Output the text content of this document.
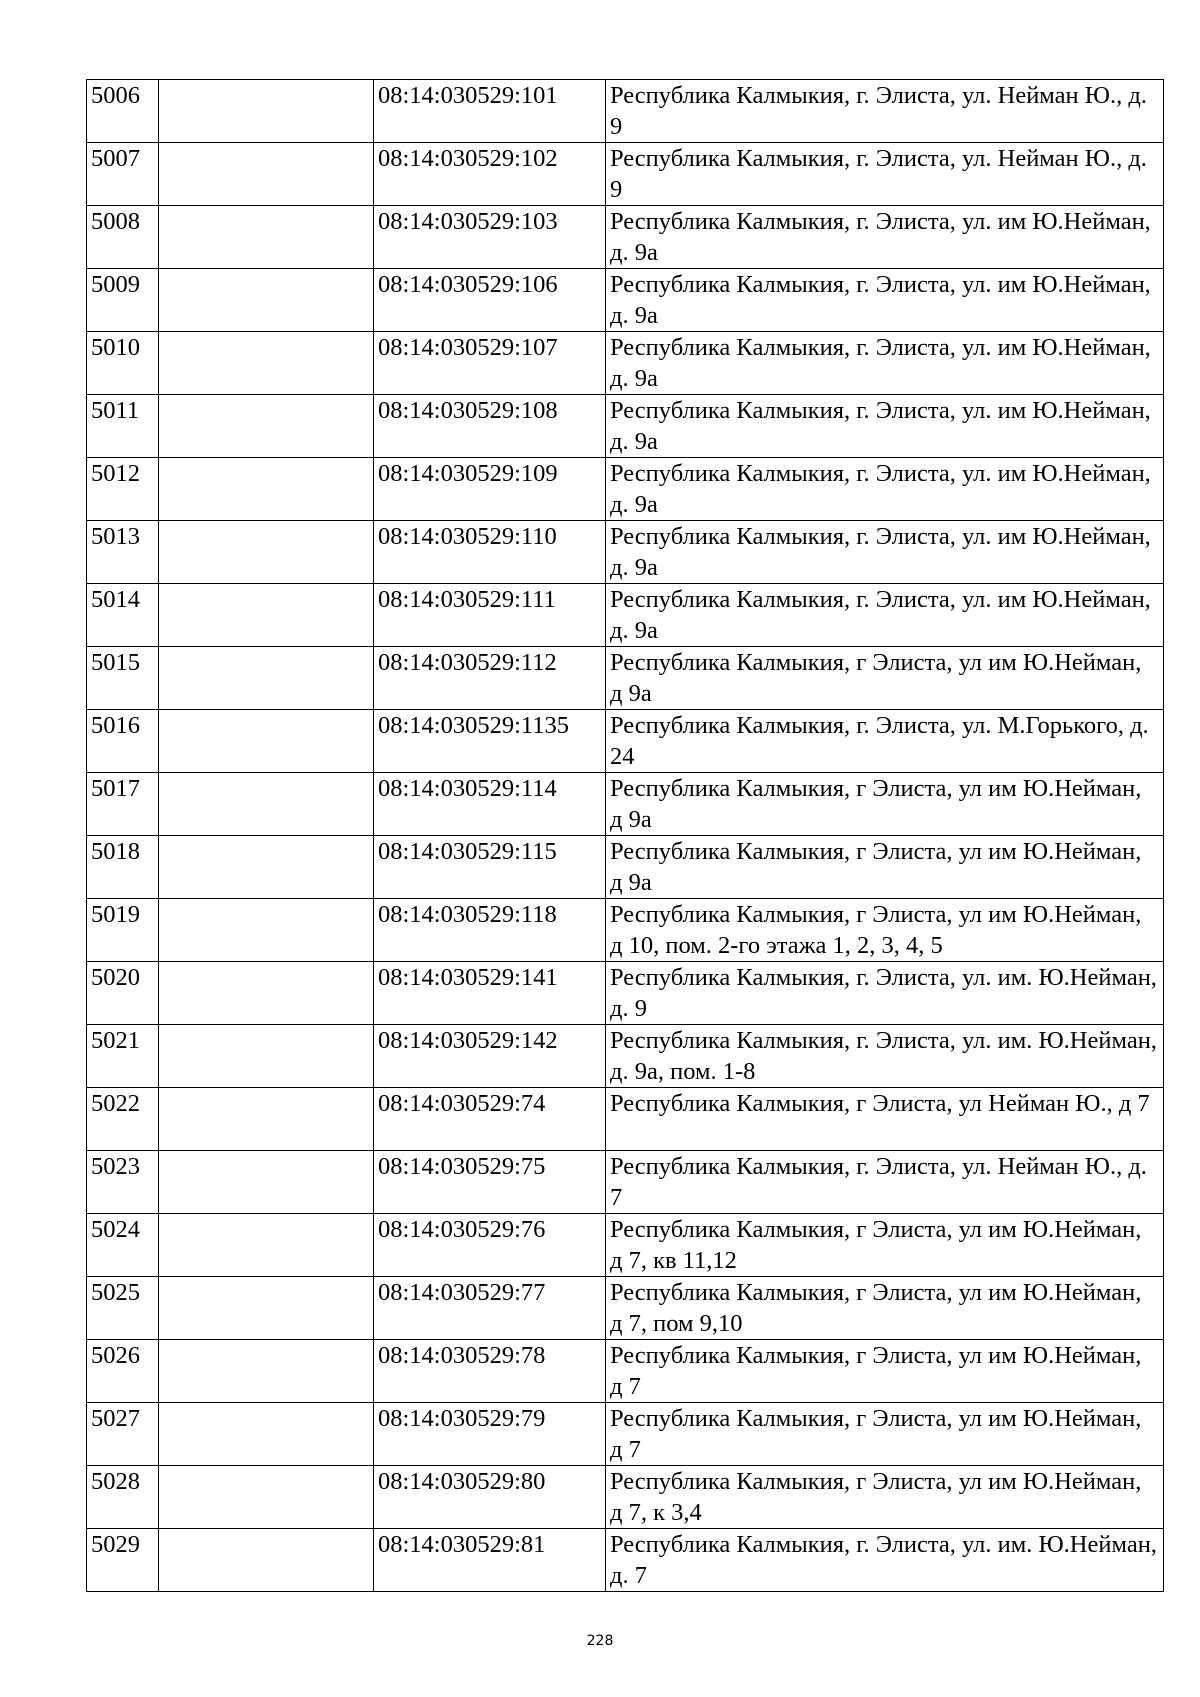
5006		08:14:030529:101	Республика Калмыкия, г. Элиста, ул. Нейман Ю., д. 9
5007		08:14:030529:102	Республика Калмыкия, г. Элиста, ул. Нейман Ю., д. 9
5008		08:14:030529:103	Республика Калмыкия, г. Элиста, ул. им Ю.Нейман, д. 9а
5009		08:14:030529:106	Республика Калмыкия, г. Элиста, ул. им Ю.Нейман, д. 9а
5010		08:14:030529:107	Республика Калмыкия, г. Элиста, ул. им Ю.Нейман, д. 9а
5011		08:14:030529:108	Республика Калмыкия, г. Элиста, ул. им Ю.Нейман, д. 9а
5012		08:14:030529:109	Республика Калмыкия, г. Элиста, ул. им Ю.Нейман, д. 9а
5013		08:14:030529:110	Республика Калмыкия, г. Элиста, ул. им Ю.Нейман, д. 9а
5014		08:14:030529:111	Республика Калмыкия, г. Элиста, ул. им Ю.Нейман, д. 9а
5015		08:14:030529:112	Республика Калмыкия, г Элиста, ул им Ю.Нейман, д 9а
5016		08:14:030529:1135	Республика Калмыкия, г. Элиста, ул. М.Горького, д. 24
5017		08:14:030529:114	Республика Калмыкия, г Элиста, ул им Ю.Нейман, д 9а
5018		08:14:030529:115	Республика Калмыкия, г Элиста, ул им Ю.Нейман, д 9а
5019		08:14:030529:118	Республика Калмыкия, г Элиста, ул им Ю.Нейман, д 10, пом. 2-го этажа 1, 2, 3, 4, 5
5020		08:14:030529:141	Республика Калмыкия, г. Элиста, ул. им. Ю.Нейман, д. 9
5021		08:14:030529:142	Республика Калмыкия, г. Элиста, ул. им. Ю.Нейман, д. 9а, пом. 1-8
5022		08:14:030529:74	Республика Калмыкия, г Элиста, ул Нейман Ю., д 7
5023		08:14:030529:75	Республика Калмыкия, г. Элиста, ул. Нейман Ю., д. 7
5024		08:14:030529:76	Республика Калмыкия, г Элиста, ул им Ю.Нейман, д 7, кв 11,12
5025		08:14:030529:77	Республика Калмыкия, г Элиста, ул им Ю.Нейман, д 7, пом 9,10
5026		08:14:030529:78	Республика Калмыкия, г Элиста, ул им Ю.Нейман, д 7
5027		08:14:030529:79	Республика Калмыкия, г Элиста, ул им Ю.Нейман, д 7
5028		08:14:030529:80	Республика Калмыкия, г Элиста, ул им Ю.Нейман, д 7, к 3,4
5029		08:14:030529:81	Республика Калмыкия, г. Элиста, ул. им. Ю.Нейман, д. 7
228
